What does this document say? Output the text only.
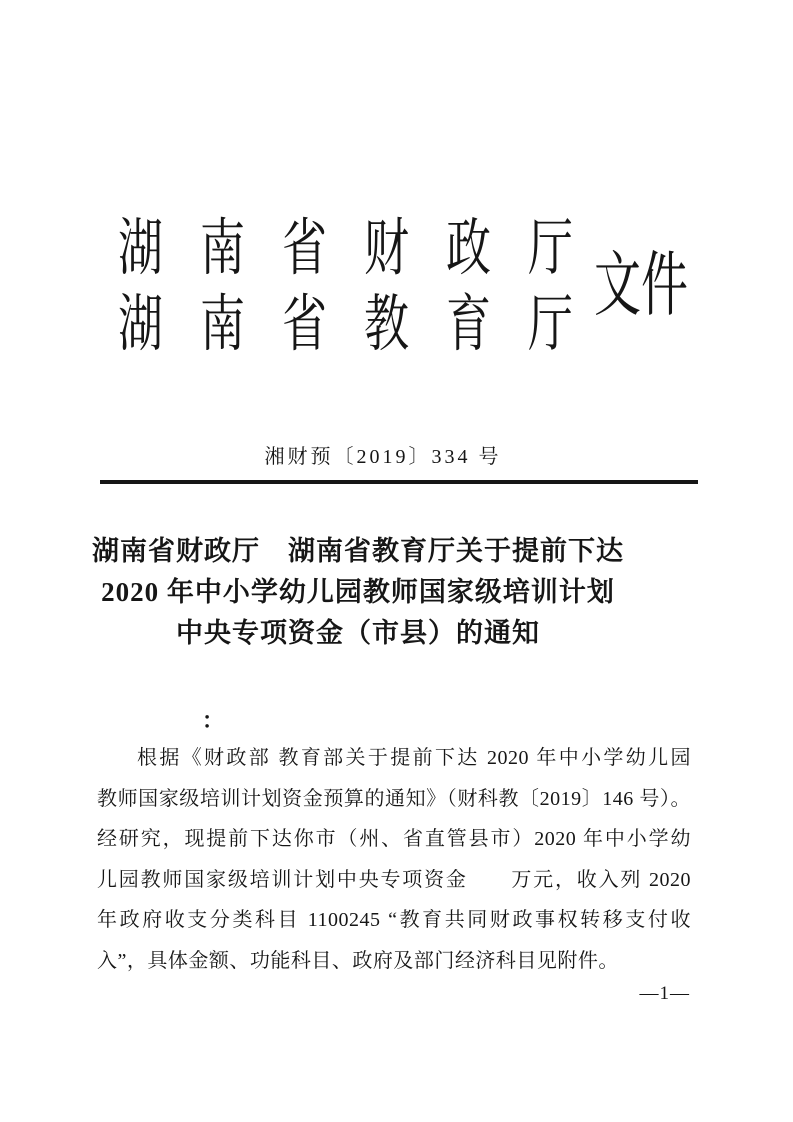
湖南省财政厅
湖南省教育厅
文件
湘财预〔2019〕334 号
湖南省财政厅　湖南省教育厅关于提前下达
2020 年中小学幼儿园教师国家级培训计划
中央专项资金（市县）的通知
：
根据《财政部 教育部关于提前下达 2020 年中小学幼儿园
教师国家级培训计划资金预算的通知》（财科教〔2019〕146 号）。
经研究，现提前下达你市（州、省直管县市）2020 年中小学幼
儿园教师国家级培训计划中央专项资金　　万元，收入列 2020
年政府收支分类科目 1100245 “教育共同财政事权转移支付收
入”，具体金额、功能科目、政府及部门经济科目见附件。
—1—
